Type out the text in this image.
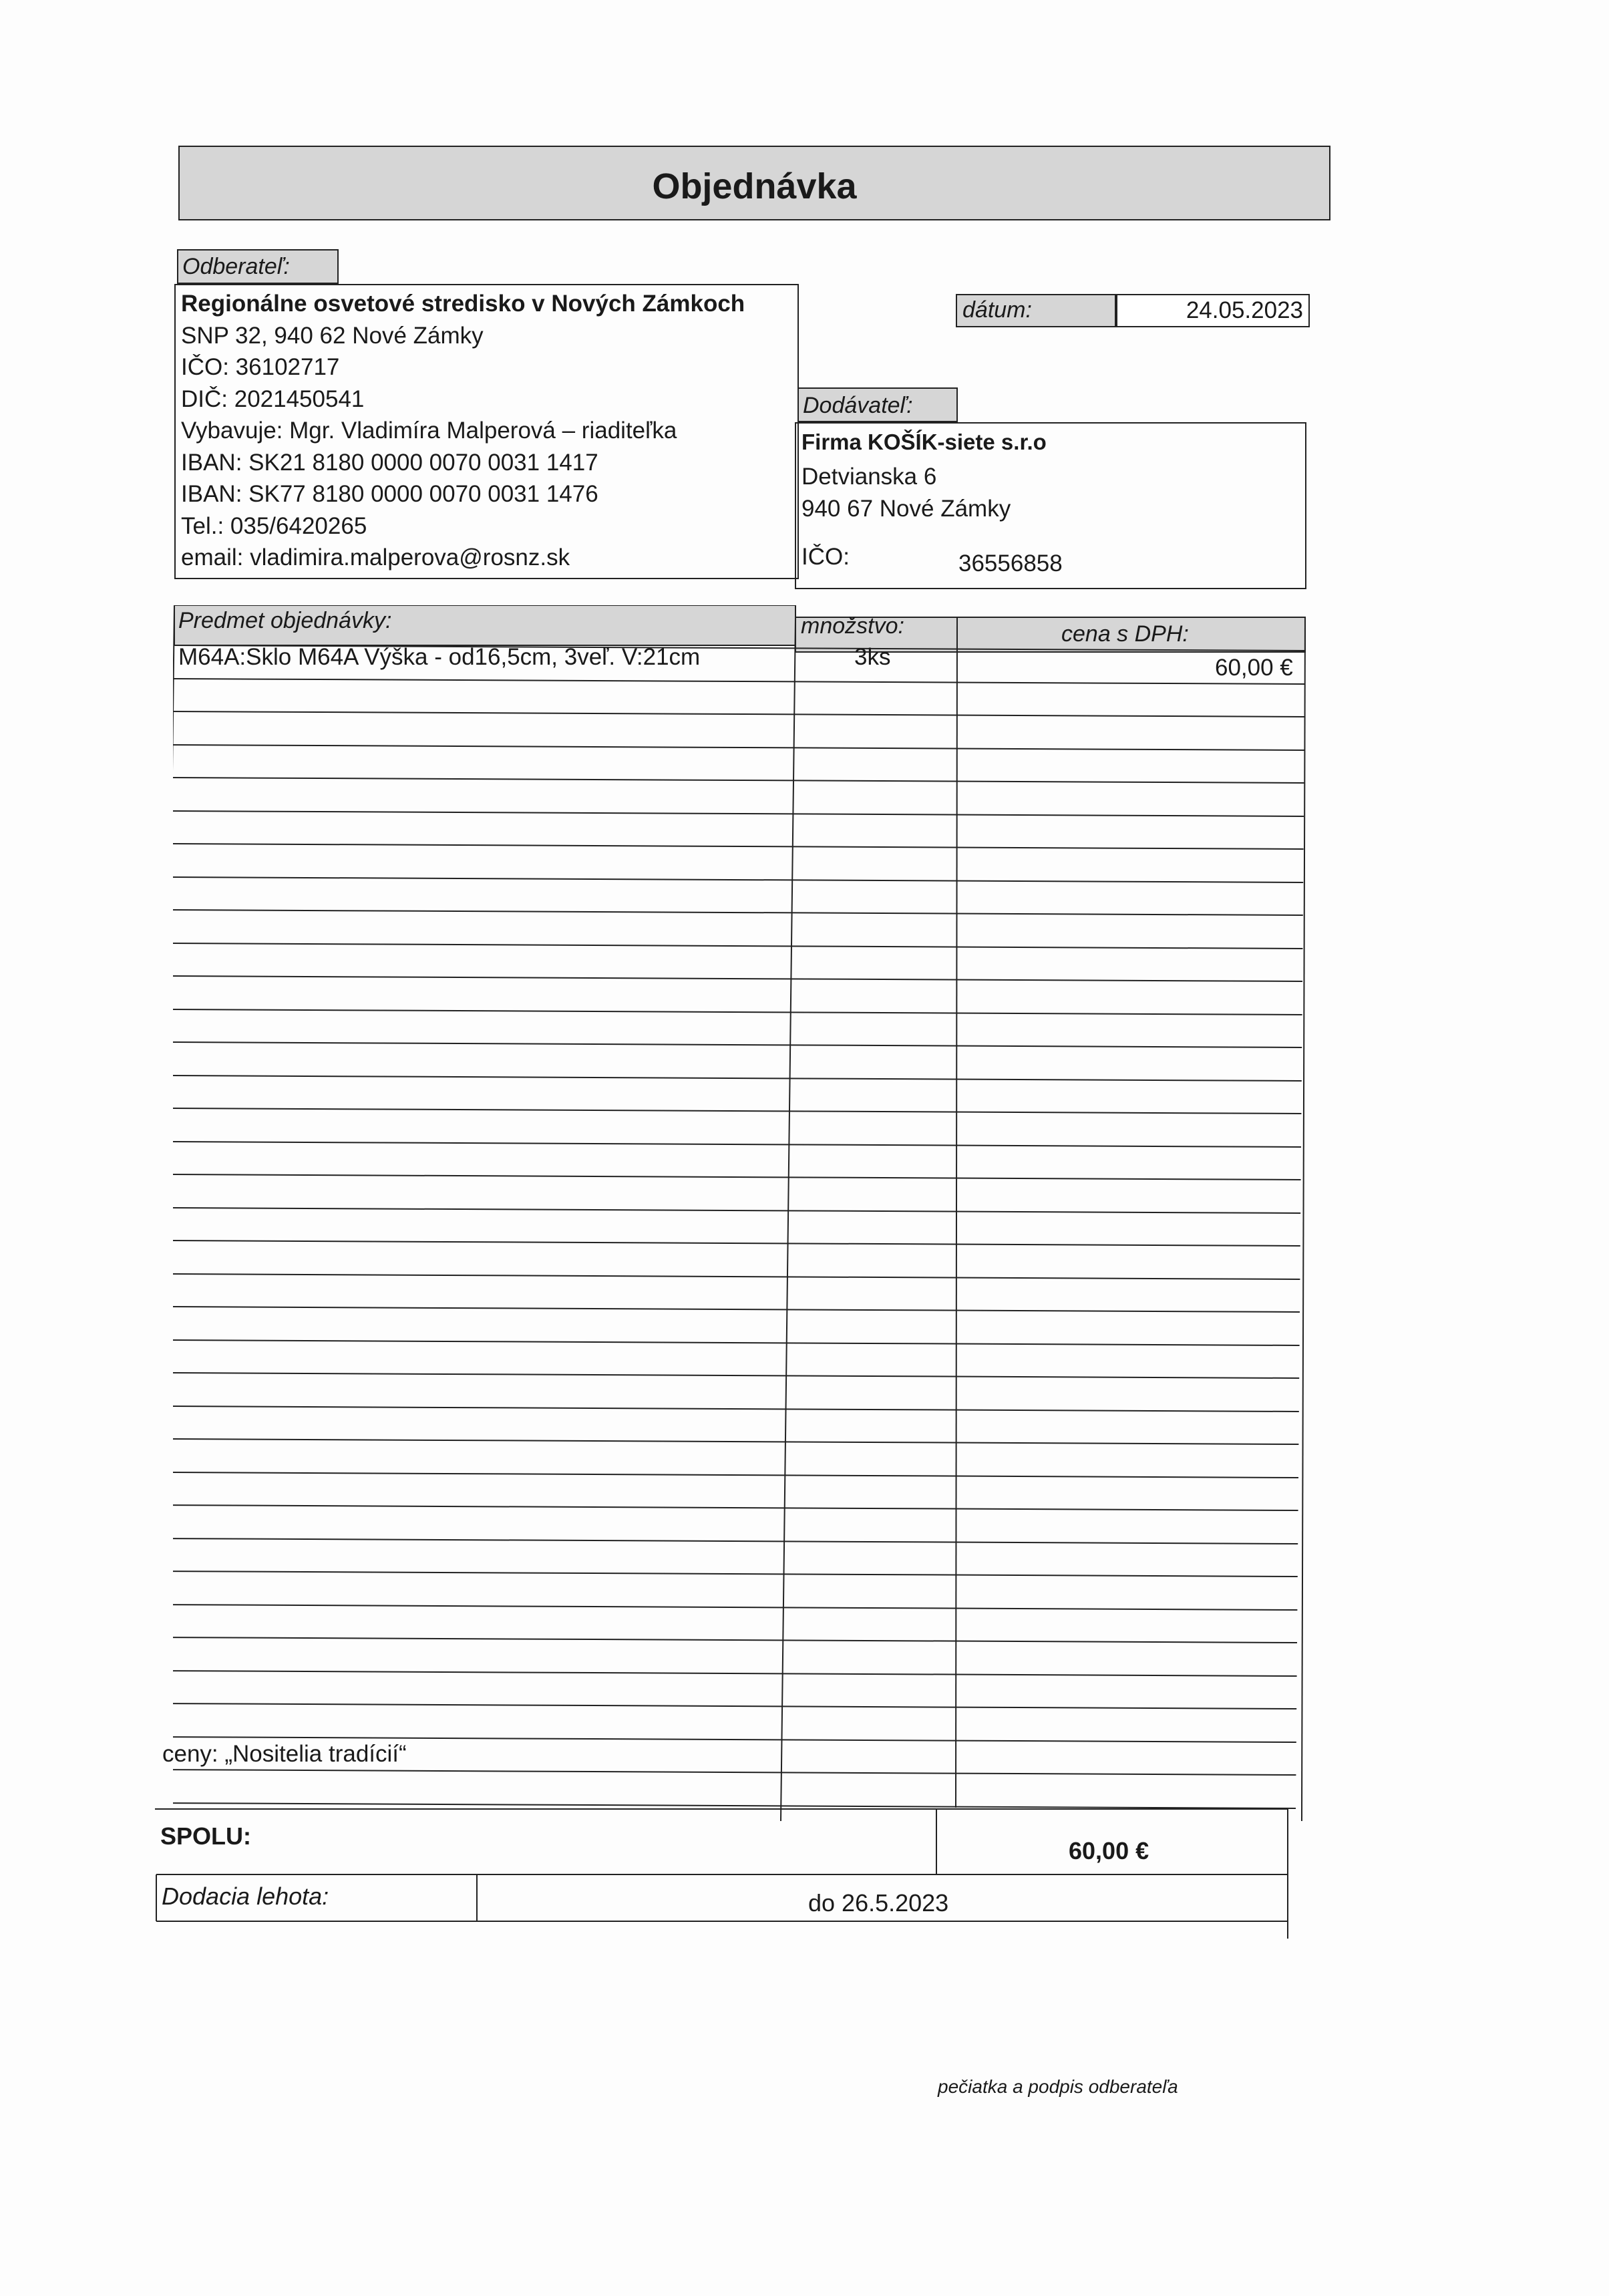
Objednávka
Odberateľ:
Regionálne osvetové stredisko v Nových Zámkoch
SNP 32, 940 62 Nové Zámky
IČO: 36102717
DIČ: 2021450541
Vybavuje: Mgr. Vladimíra Malperová – riaditeľka
IBAN: SK21 8180 0000 0070 0031 1417
IBAN: SK77 8180 0000 0070 0031 1476
Tel.: 035/6420265
email: vladimira.malperova@rosnz.sk
dátum:	24.05.2023
Dodávateľ:
Firma KOŠÍK-siete s.r.o
Detvianska 6
940 67 Nové Zámky
IČO:	36556858
Predmet objednávky:	množstvo:	cena s DPH:
M64A:Sklo M64A Výška - od16,5cm, 3veľ. V:21cm	3ks	60,00 €
ceny: „Nositelia tradícií“
SPOLU:
60,00 €
Dodacia lehota:	do 26.5.2023
pečiatka a podpis odberateľa
